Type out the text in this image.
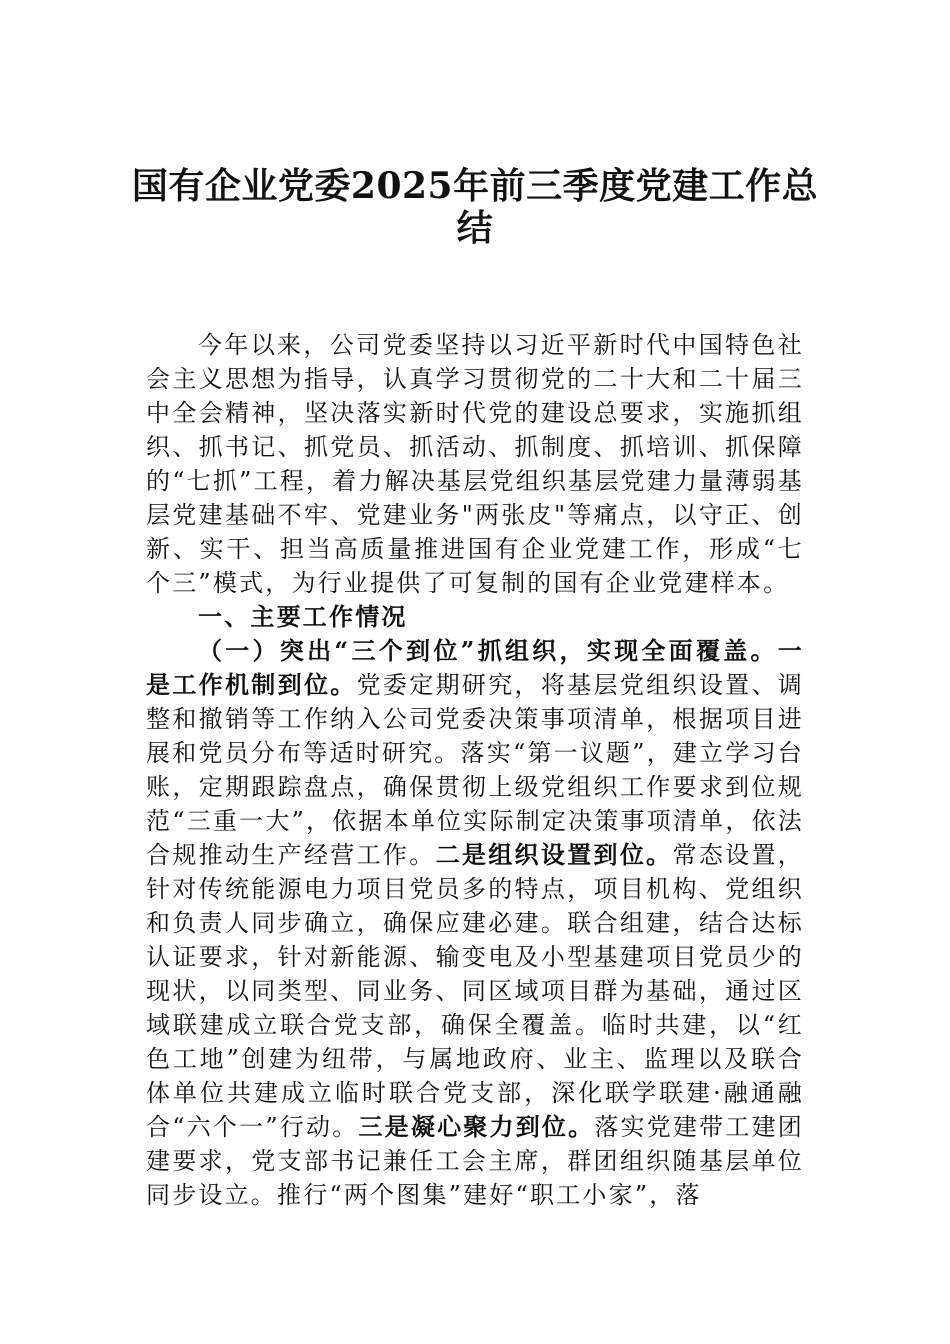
国有企业党委2025年前三季度党建工作总
结

今年以来，公司党委坚持以习近平新时代中国特色社会主义思想为指导，认真学习贯彻党的二十大和二十届三中全会精神，坚决落实新时代党的建设总要求，实施抓组织、抓书记、抓党员、抓活动、抓制度、抓培训、抓保障的“七抓”工程，着力解决基层党组织基层党建力量薄弱基层党建基础不牢、党建业务"两张皮"等痛点，以守正、创新、实干、担当高质量推进国有企业党建工作，形成“七个三”模式，为行业提供了可复制的国有企业党建样本。

一、主要工作情况

（一）突出“三个到位”抓组织，实现全面覆盖。一是工作机制到位。党委定期研究，将基层党组织设置、调整和撤销等工作纳入公司党委决策事项清单，根据项目进展和党员分布等适时研究。落实“第一议题”，建立学习台账，定期跟踪盘点，确保贯彻上级党组织工作要求到位规范“三重一大”，依据本单位实际制定决策事项清单，依法合规推动生产经营工作。二是组织设置到位。常态设置，针对传统能源电力项目党员多的特点，项目机构、党组织和负责人同步确立，确保应建必建。联合组建，结合达标认证要求，针对新能源、输变电及小型基建项目党员少的现状，以同类型、同业务、同区域项目群为基础，通过区域联建成立联合党支部，确保全覆盖。临时共建，以“红色工地”创建为纽带，与属地政府、业主、监理以及联合体单位共建成立临时联合党支部，深化联学联建·融通融合“六个一”行动。三是凝心聚力到位。落实党建带工建团建要求，党支部书记兼任工会主席，群团组织随基层单位同步设立。推行“两个图集”建好“职工小家”，落
